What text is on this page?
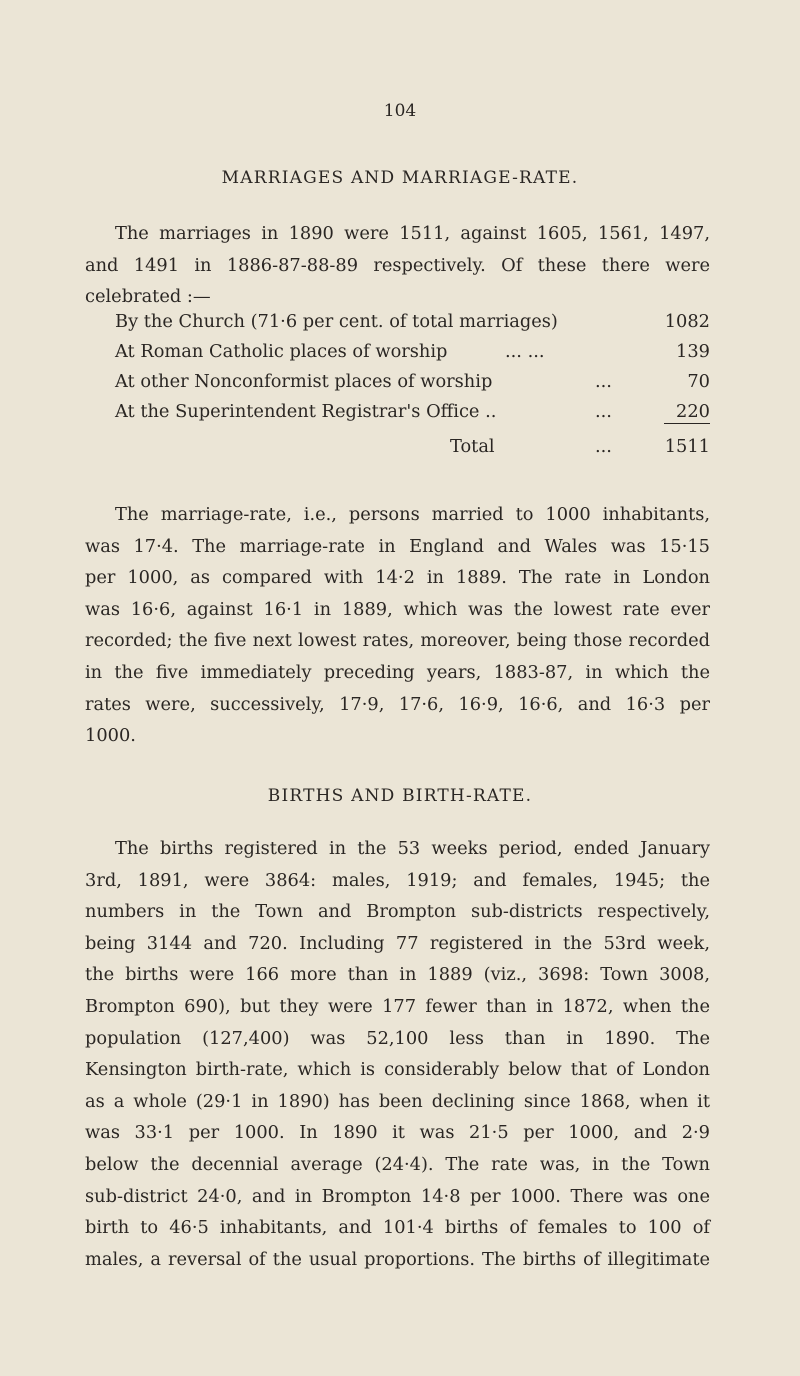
104
MARRIAGES AND MARRIAGE-RATE.
The marriages in 1890 were 1511, against 1605, 1561, 1497,
and 1491 in 1886-87-88-89 respectively. Of these there were
celebrated :—
By the Church (71·6 per cent. of total marriages)	1082
At Roman Catholic places of worship	... ...	139
At other Nonconformist places of worship	...	70
At the Superintendent Registrar's Office ..	...	220
Total	...	1511
The marriage-rate, i.e., persons married to 1000 inhabitants,
was 17·4. The marriage-rate in England and Wales was 15·15
per 1000, as compared with 14·2 in 1889. The rate in London
was 16·6, against 16·1 in 1889, which was the lowest rate ever
recorded; the five next lowest rates, moreover, being those recorded
in the five immediately preceding years, 1883-87, in which the
rates were, successively, 17·9, 17·6, 16·9, 16·6, and 16·3 per
1000.
BIRTHS AND BIRTH-RATE.
The births registered in the 53 weeks period, ended January
3rd, 1891, were 3864: males, 1919; and females, 1945; the
numbers in the Town and Brompton sub-districts respectively,
being 3144 and 720. Including 77 registered in the 53rd week,
the births were 166 more than in 1889 (viz., 3698: Town 3008,
Brompton 690), but they were 177 fewer than in 1872, when the
population (127,400) was 52,100 less than in 1890. The
Kensington birth-rate, which is considerably below that of London
as a whole (29·1 in 1890) has been declining since 1868, when it
was 33·1 per 1000. In 1890 it was 21·5 per 1000, and 2·9
below the decennial average (24·4). The rate was, in the Town
sub-district 24·0, and in Brompton 14·8 per 1000. There was one
birth to 46·5 inhabitants, and 101·4 births of females to 100 of
males, a reversal of the usual proportions. The births of illegitimate
